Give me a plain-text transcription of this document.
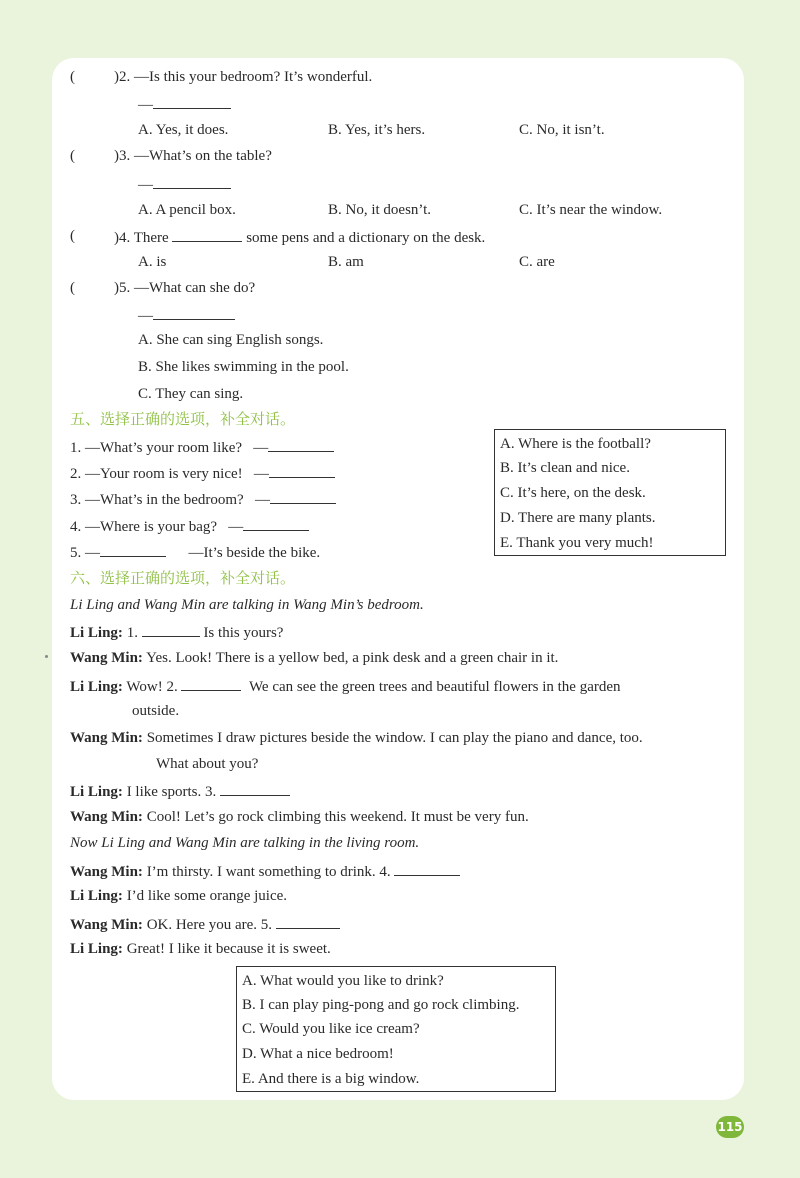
(	)2. —Is this your bedroom? It’s wonderful.
—
A. Yes, it does.	B. Yes, it’s hers.	C. No, it isn’t.
(	)3. —What’s on the table?
—
A. A pencil box.	B. No, it doesn’t.	C. It’s near the window.
(	)4. There	some pens and a dictionary on the desk.
A. is	B. am	C. are
(	)5. —What can she do?
—
A. She can sing English songs.
B. She likes swimming in the pool.
C. They can sing.
五、选择正确的选项，补全对话。
1. —What’s your room like? —
2. —Your room is very nice! —
3. —What’s in the bedroom? —
4. —Where is your bag? —
5. —	—It’s beside the bike.
A. Where is the football?
B. It’s clean and nice.
C. It’s here, on the desk.
D. There are many plants.
E. Thank you very much!
六、选择正确的选项，补全对话。
Li Ling and Wang Min are talking in Wang Min’s bedroom.
Li Ling: 1.	Is this yours?
Wang Min: Yes. Look! There is a yellow bed, a pink desk and a green chair in it.
Li Ling: Wow! 2.	We can see the green trees and beautiful flowers in the garden
outside.
Wang Min: Sometimes I draw pictures beside the window. I can play the piano and dance, too.
What about you?
Li Ling: I like sports. 3.
Wang Min: Cool! Let’s go rock climbing this weekend. It must be very fun.
Now Li Ling and Wang Min are talking in the living room.
Wang Min: I’m thirsty. I want something to drink. 4.
Li Ling: I’d like some orange juice.
Wang Min: OK. Here you are. 5.
Li Ling: Great! I like it because it is sweet.
A. What would you like to drink?
B. I can play ping-pong and go rock climbing.
C. Would you like ice cream?
D. What a nice bedroom!
E. And there is a big window.
115
